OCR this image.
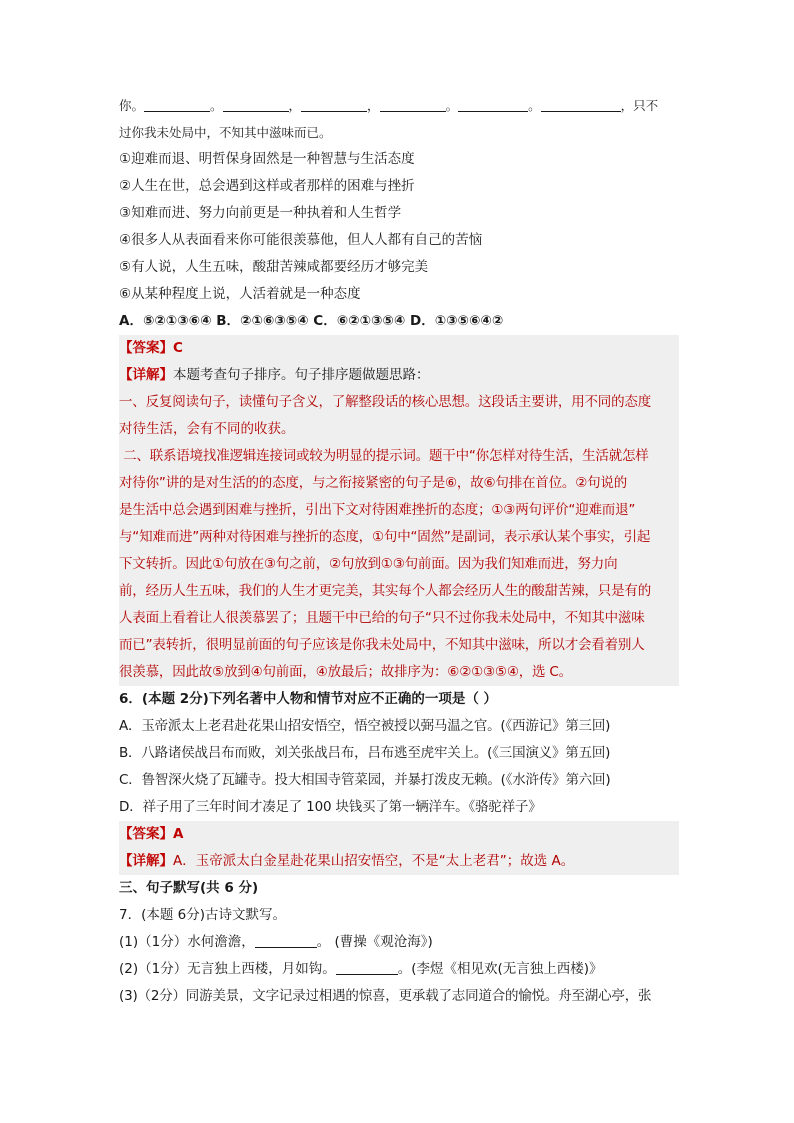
你。	。	，	，	。	。	，只不
过你我未处局中，不知其中滋味而已。
①迎难而退、明哲保身固然是一种智慧与生活态度
②人生在世，总会遇到这样或者那样的困难与挫折
③知难而进、努力向前更是一种执着和人生哲学
④很多人从表面看来你可能很羡慕他，但人人都有自己的苦恼
⑤有人说，人生五味，酸甜苦辣咸都要经历才够完美
⑥从某种程度上说，人活着就是一种态度
A．⑤②①③⑥④ B．②①⑥③⑤④ C．⑥②①③⑤④ D．①③⑤⑥④②
【答案】C
【详解】本题考查句子排序。句子排序题做题思路：
一、反复阅读句子，读懂句子含义，了解整段话的核心思想。这段话主要讲，用不同的态度
对待生活，会有不同的收获。
二、联系语境找准逻辑连接词或较为明显的提示词。题干中“你怎样对待生活，生活就怎样
对待你”讲的是对生活的的态度，与之衔接紧密的句子是⑥，故⑥句排在首位。②句说的
是生活中总会遇到困难与挫折，引出下文对待困难挫折的态度；①③两句评价“迎难而退”
与“知难而进”两种对待困难与挫折的态度，①句中“固然”是副词，表示承认某个事实，引起
下文转折。因此①句放在③句之前，②句放到①③句前面。因为我们知难而进，努力向
前，经历人生五味，我们的人生才更完美，其实每个人都会经历人生的酸甜苦辣，只是有的
人表面上看着让人很羡慕罢了；且题干中已给的句子“只不过你我未处局中，不知其中滋味
而已”表转折，很明显前面的句子应该是你我未处局中，不知其中滋味，所以才会看着别人
很羡慕，因此故⑤放到④句前面，④放最后；故排序为：⑥②①③⑤④，选 C。
6．(本题 2分)下列名著中人物和情节对应不正确的一项是（ ）
A．玉帝派太上老君赴花果山招安悟空，悟空被授以弼马温之官。(《西游记》第三回)
B．八路诸侯战吕布而败，刘关张战吕布，吕布逃至虎牢关上。(《三国演义》第五回)
C．鲁智深火烧了瓦罐寺。投大相国寺管菜园，并暴打泼皮无赖。(《水浒传》第六回)
D．祥子用了三年时间才凑足了 100 块钱买了第一辆洋车。《骆驼祥子》
【答案】A
【详解】A．玉帝派太白金星赴花果山招安悟空，不是“太上老君”；故选 A。
三、句子默写(共 6 分)
7．(本题 6分)古诗文默写。
(1)（1分）水何澹澹，	。 (曹操《观沧海》)
(2)（1分）无言独上西楼，月如钩。	。(李煜《相见欢(无言独上西楼)》
(3)（2分）同游美景，文字记录过相遇的惊喜，更承载了志同道合的愉悦。舟至湖心亭，张
